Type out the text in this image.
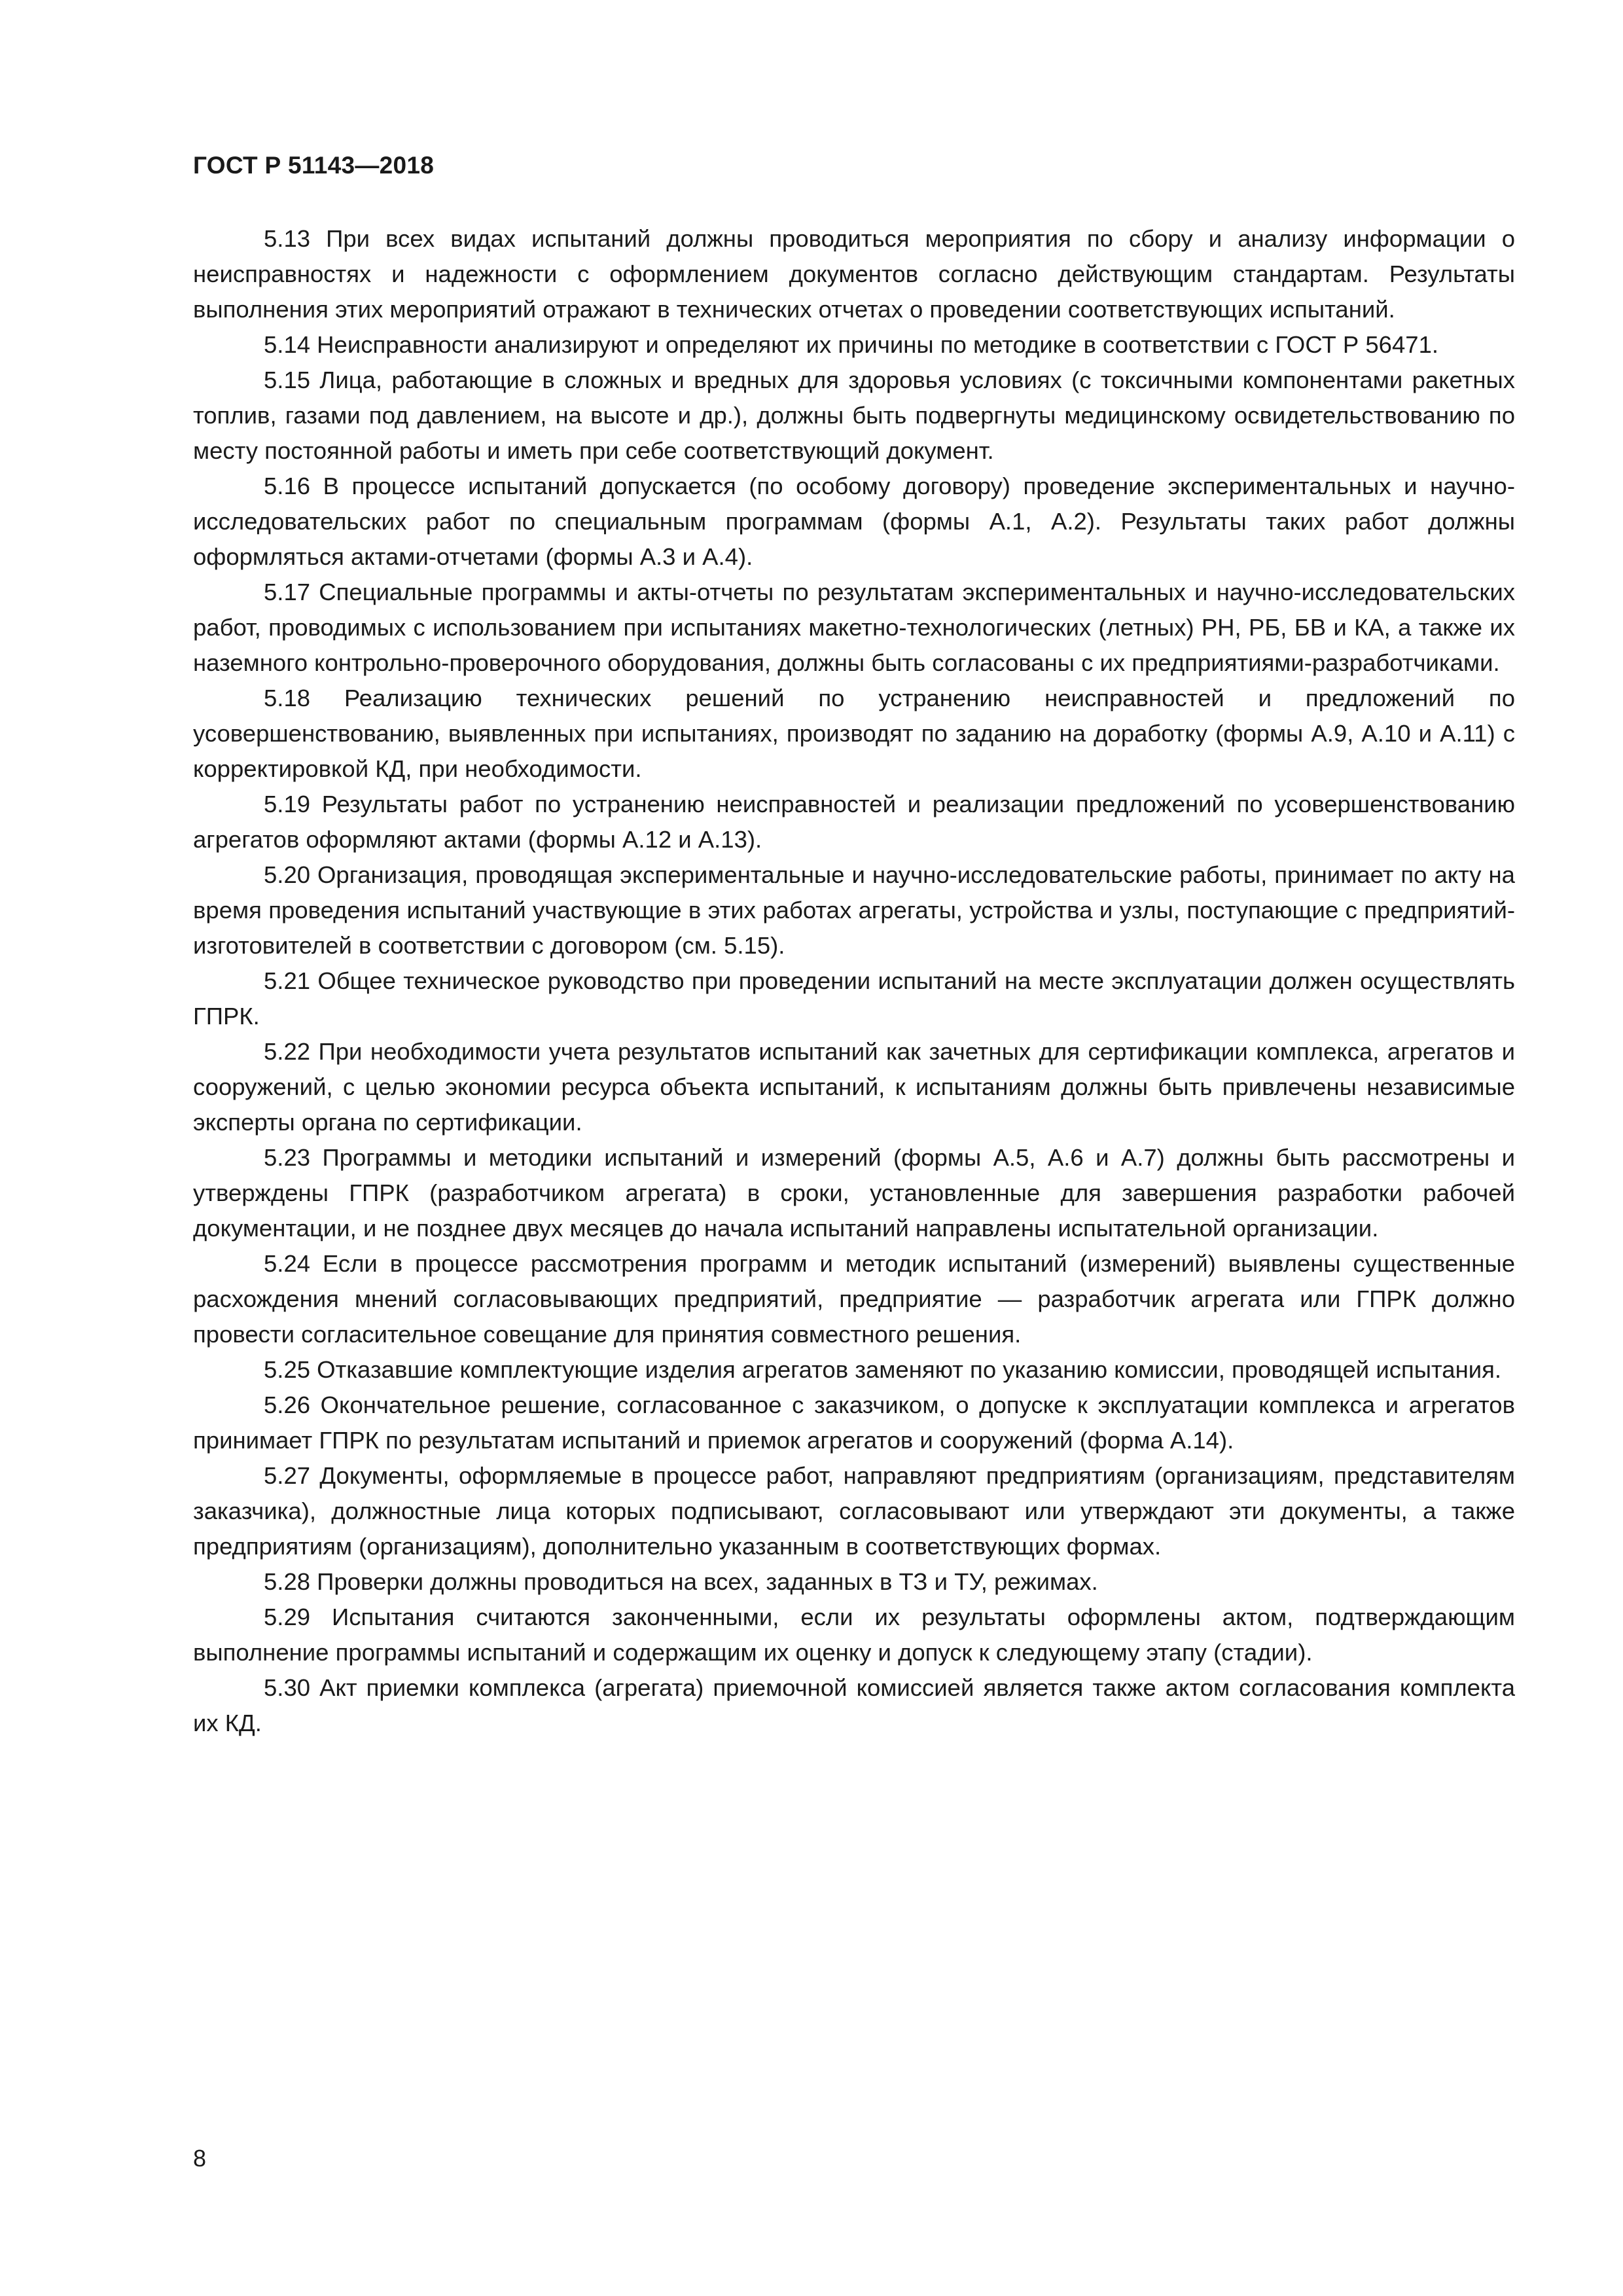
ГОСТ Р 51143—2018

5.13 При всех видах испытаний должны проводиться мероприятия по сбору и анализу информации о неисправностях и надежности с оформлением документов согласно действующим стандартам. Результаты выполнения этих мероприятий отражают в технических отчетах о проведении соответствующих испытаний.

5.14 Неисправности анализируют и определяют их причины по методике в соответствии с ГОСТ Р 56471.

5.15 Лица, работающие в сложных и вредных для здоровья условиях (с токсичными компонентами ракетных топлив, газами под давлением, на высоте и др.), должны быть подвергнуты медицинскому освидетельствованию по месту постоянной работы и иметь при себе соответствующий документ.

5.16 В процессе испытаний допускается (по особому договору) проведение экспериментальных и научно-исследовательских работ по специальным программам (формы А.1, А.2). Результаты таких работ должны оформляться актами-отчетами (формы А.3 и А.4).

5.17 Специальные программы и акты-отчеты по результатам экспериментальных и научно-исследовательских работ, проводимых с использованием при испытаниях макетно-технологических (летных) РН, РБ, БВ и КА, а также их наземного контрольно-проверочного оборудования, должны быть согласованы с их предприятиями-разработчиками.

5.18 Реализацию технических решений по устранению неисправностей и предложений по усовершенствованию, выявленных при испытаниях, производят по заданию на доработку (формы А.9, А.10 и А.11) с корректировкой КД, при необходимости.

5.19 Результаты работ по устранению неисправностей и реализации предложений по усовершенствованию агрегатов оформляют актами (формы А.12 и А.13).

5.20 Организация, проводящая экспериментальные и научно-исследовательские работы, принимает по акту на время проведения испытаний участвующие в этих работах агрегаты, устройства и узлы, поступающие с предприятий-изготовителей в соответствии с договором (см. 5.15).

5.21 Общее техническое руководство при проведении испытаний на месте эксплуатации должен осуществлять ГПРК.

5.22 При необходимости учета результатов испытаний как зачетных для сертификации комплекса, агрегатов и сооружений, с целью экономии ресурса объекта испытаний, к испытаниям должны быть привлечены независимые эксперты органа по сертификации.

5.23 Программы и методики испытаний и измерений (формы А.5, А.6 и А.7) должны быть рассмотрены и утверждены ГПРК (разработчиком агрегата) в сроки, установленные для завершения разработки рабочей документации, и не позднее двух месяцев до начала испытаний направлены испытательной организации.

5.24 Если в процессе рассмотрения программ и методик испытаний (измерений) выявлены существенные расхождения мнений согласовывающих предприятий, предприятие — разработчик агрегата или ГПРК должно провести согласительное совещание для принятия совместного решения.

5.25 Отказавшие комплектующие изделия агрегатов заменяют по указанию комиссии, проводящей испытания.

5.26 Окончательное решение, согласованное с заказчиком, о допуске к эксплуатации комплекса и агрегатов принимает ГПРК по результатам испытаний и приемок агрегатов и сооружений (форма А.14).

5.27 Документы, оформляемые в процессе работ, направляют предприятиям (организациям, представителям заказчика), должностные лица которых подписывают, согласовывают или утверждают эти документы, а также предприятиям (организациям), дополнительно указанным в соответствующих формах.

5.28 Проверки должны проводиться на всех, заданных в ТЗ и ТУ, режимах.

5.29 Испытания считаются законченными, если их результаты оформлены актом, подтверждающим выполнение программы испытаний и содержащим их оценку и допуск к следующему этапу (стадии).

5.30 Акт приемки комплекса (агрегата) приемочной комиссией является также актом согласования комплекта их КД.

8
